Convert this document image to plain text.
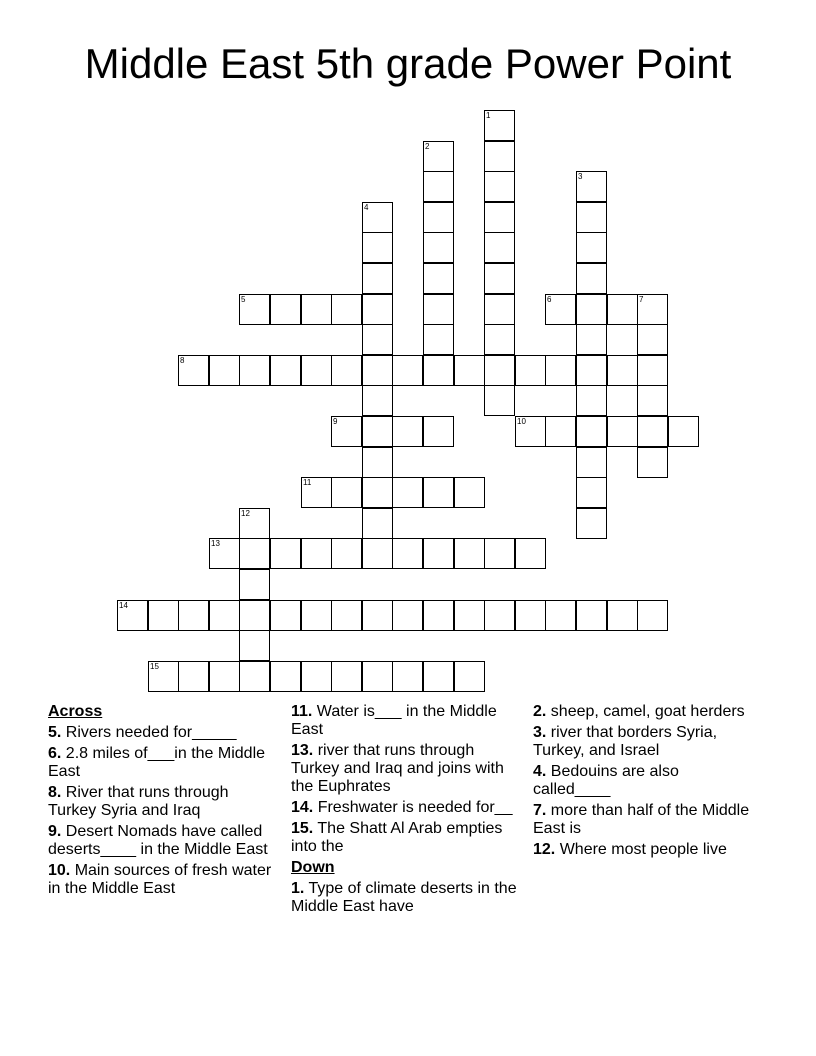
Middle East 5th grade Power Point
1
2
3
4
5	6	7
8
9	10
11
12
13
14
15
Across
5. Rivers needed for_____
6. 2.8 miles of___in the Middle East
8. River that runs through Turkey Syria and Iraq
9. Desert Nomads have called deserts____ in the Middle East
10. Main sources of fresh water in the Middle East
11. Water is___ in the Middle East
13. river that runs through Turkey and Iraq and joins with the Euphrates
14. Freshwater is needed for__
15. The Shatt Al Arab empties into the
Down
1. Type of climate deserts in the Middle East have
2. sheep, camel, goat herders
3. river that borders Syria, Turkey, and Israel
4. Bedouins are also called____
7. more than half of the Middle East is
12. Where most people live
